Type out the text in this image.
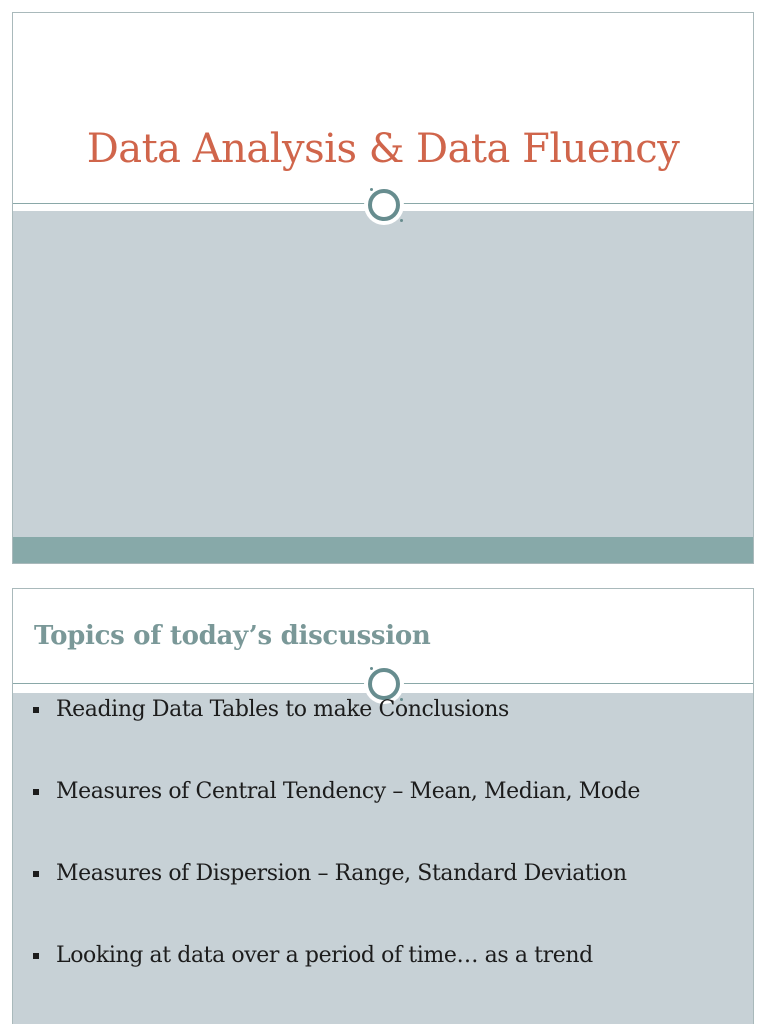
Data Analysis & Data Fluency
Topics of today’s discussion
Reading Data Tables to make Conclusions
Measures of Central Tendency – Mean, Median, Mode
Measures of Dispersion – Range, Standard Deviation
Looking at data over a period of time… as a trend
